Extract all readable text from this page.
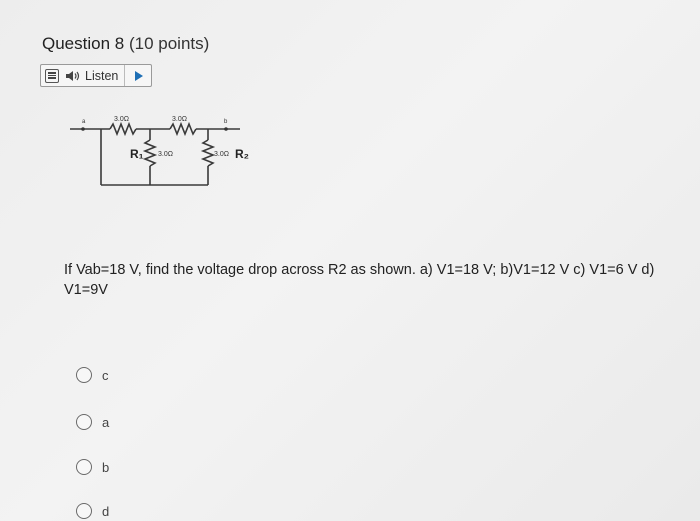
Question 8 (10 points)
Listen
a	b
3.0Ω	3.0Ω
R₁ 3.0Ω	3.0Ω R₂
If Vab=18 V, find the voltage drop across R2 as shown. a) V1=18 V; b)V1=12 V c) V1=6 V d) V1=9V
c
a
b
d
